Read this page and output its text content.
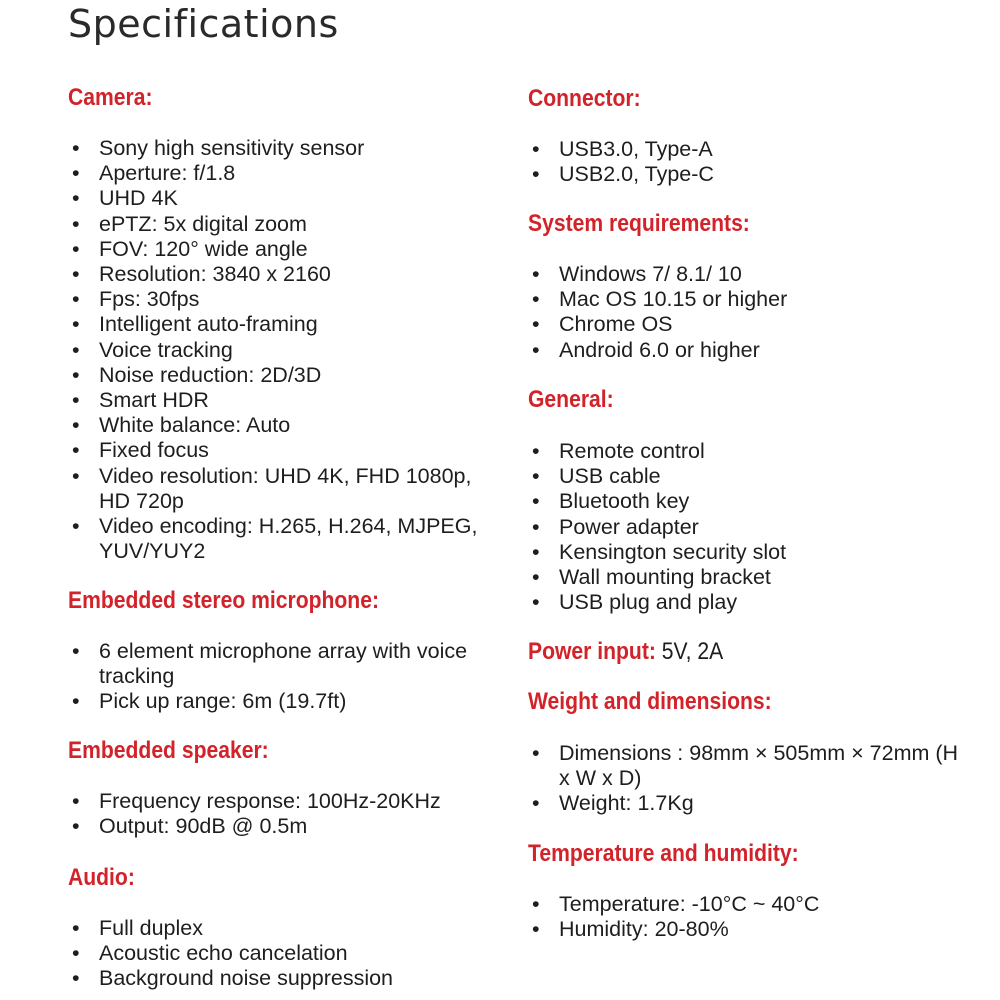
Specifications
Camera:
• Sony high sensitivity sensor
• Aperture: f/1.8
• UHD 4K
• ePTZ: 5x digital zoom
• FOV: 120° wide angle
• Resolution: 3840 x 2160
• Fps: 30fps
• Intelligent auto-framing
• Voice tracking
• Noise reduction: 2D/3D
• Smart HDR
• White balance: Auto
• Fixed focus
• Video resolution: UHD 4K, FHD 1080p, HD 720p
• Video encoding: H.265, H.264, MJPEG, YUV/YUY2
Embedded stereo microphone:
• 6 element microphone array with voice tracking
• Pick up range: 6m (19.7ft)
Embedded speaker:
• Frequency response: 100Hz-20KHz
• Output: 90dB @ 0.5m
Audio:
• Full duplex
• Acoustic echo cancelation
• Background noise suppression
Connector:
• USB3.0, Type-A
• USB2.0, Type-C
System requirements:
• Windows 7/ 8.1/ 10
• Mac OS 10.15 or higher
• Chrome OS
• Android 6.0 or higher
General:
• Remote control
• USB cable
• Bluetooth key
• Power adapter
• Kensington security slot
• Wall mounting bracket
• USB plug and play
Power input: 5V, 2A
Weight and dimensions:
• Dimensions : 98mm × 505mm × 72mm (H x W x D)
• Weight: 1.7Kg
Temperature and humidity:
• Temperature: -10°C ~ 40°C
• Humidity: 20-80%
